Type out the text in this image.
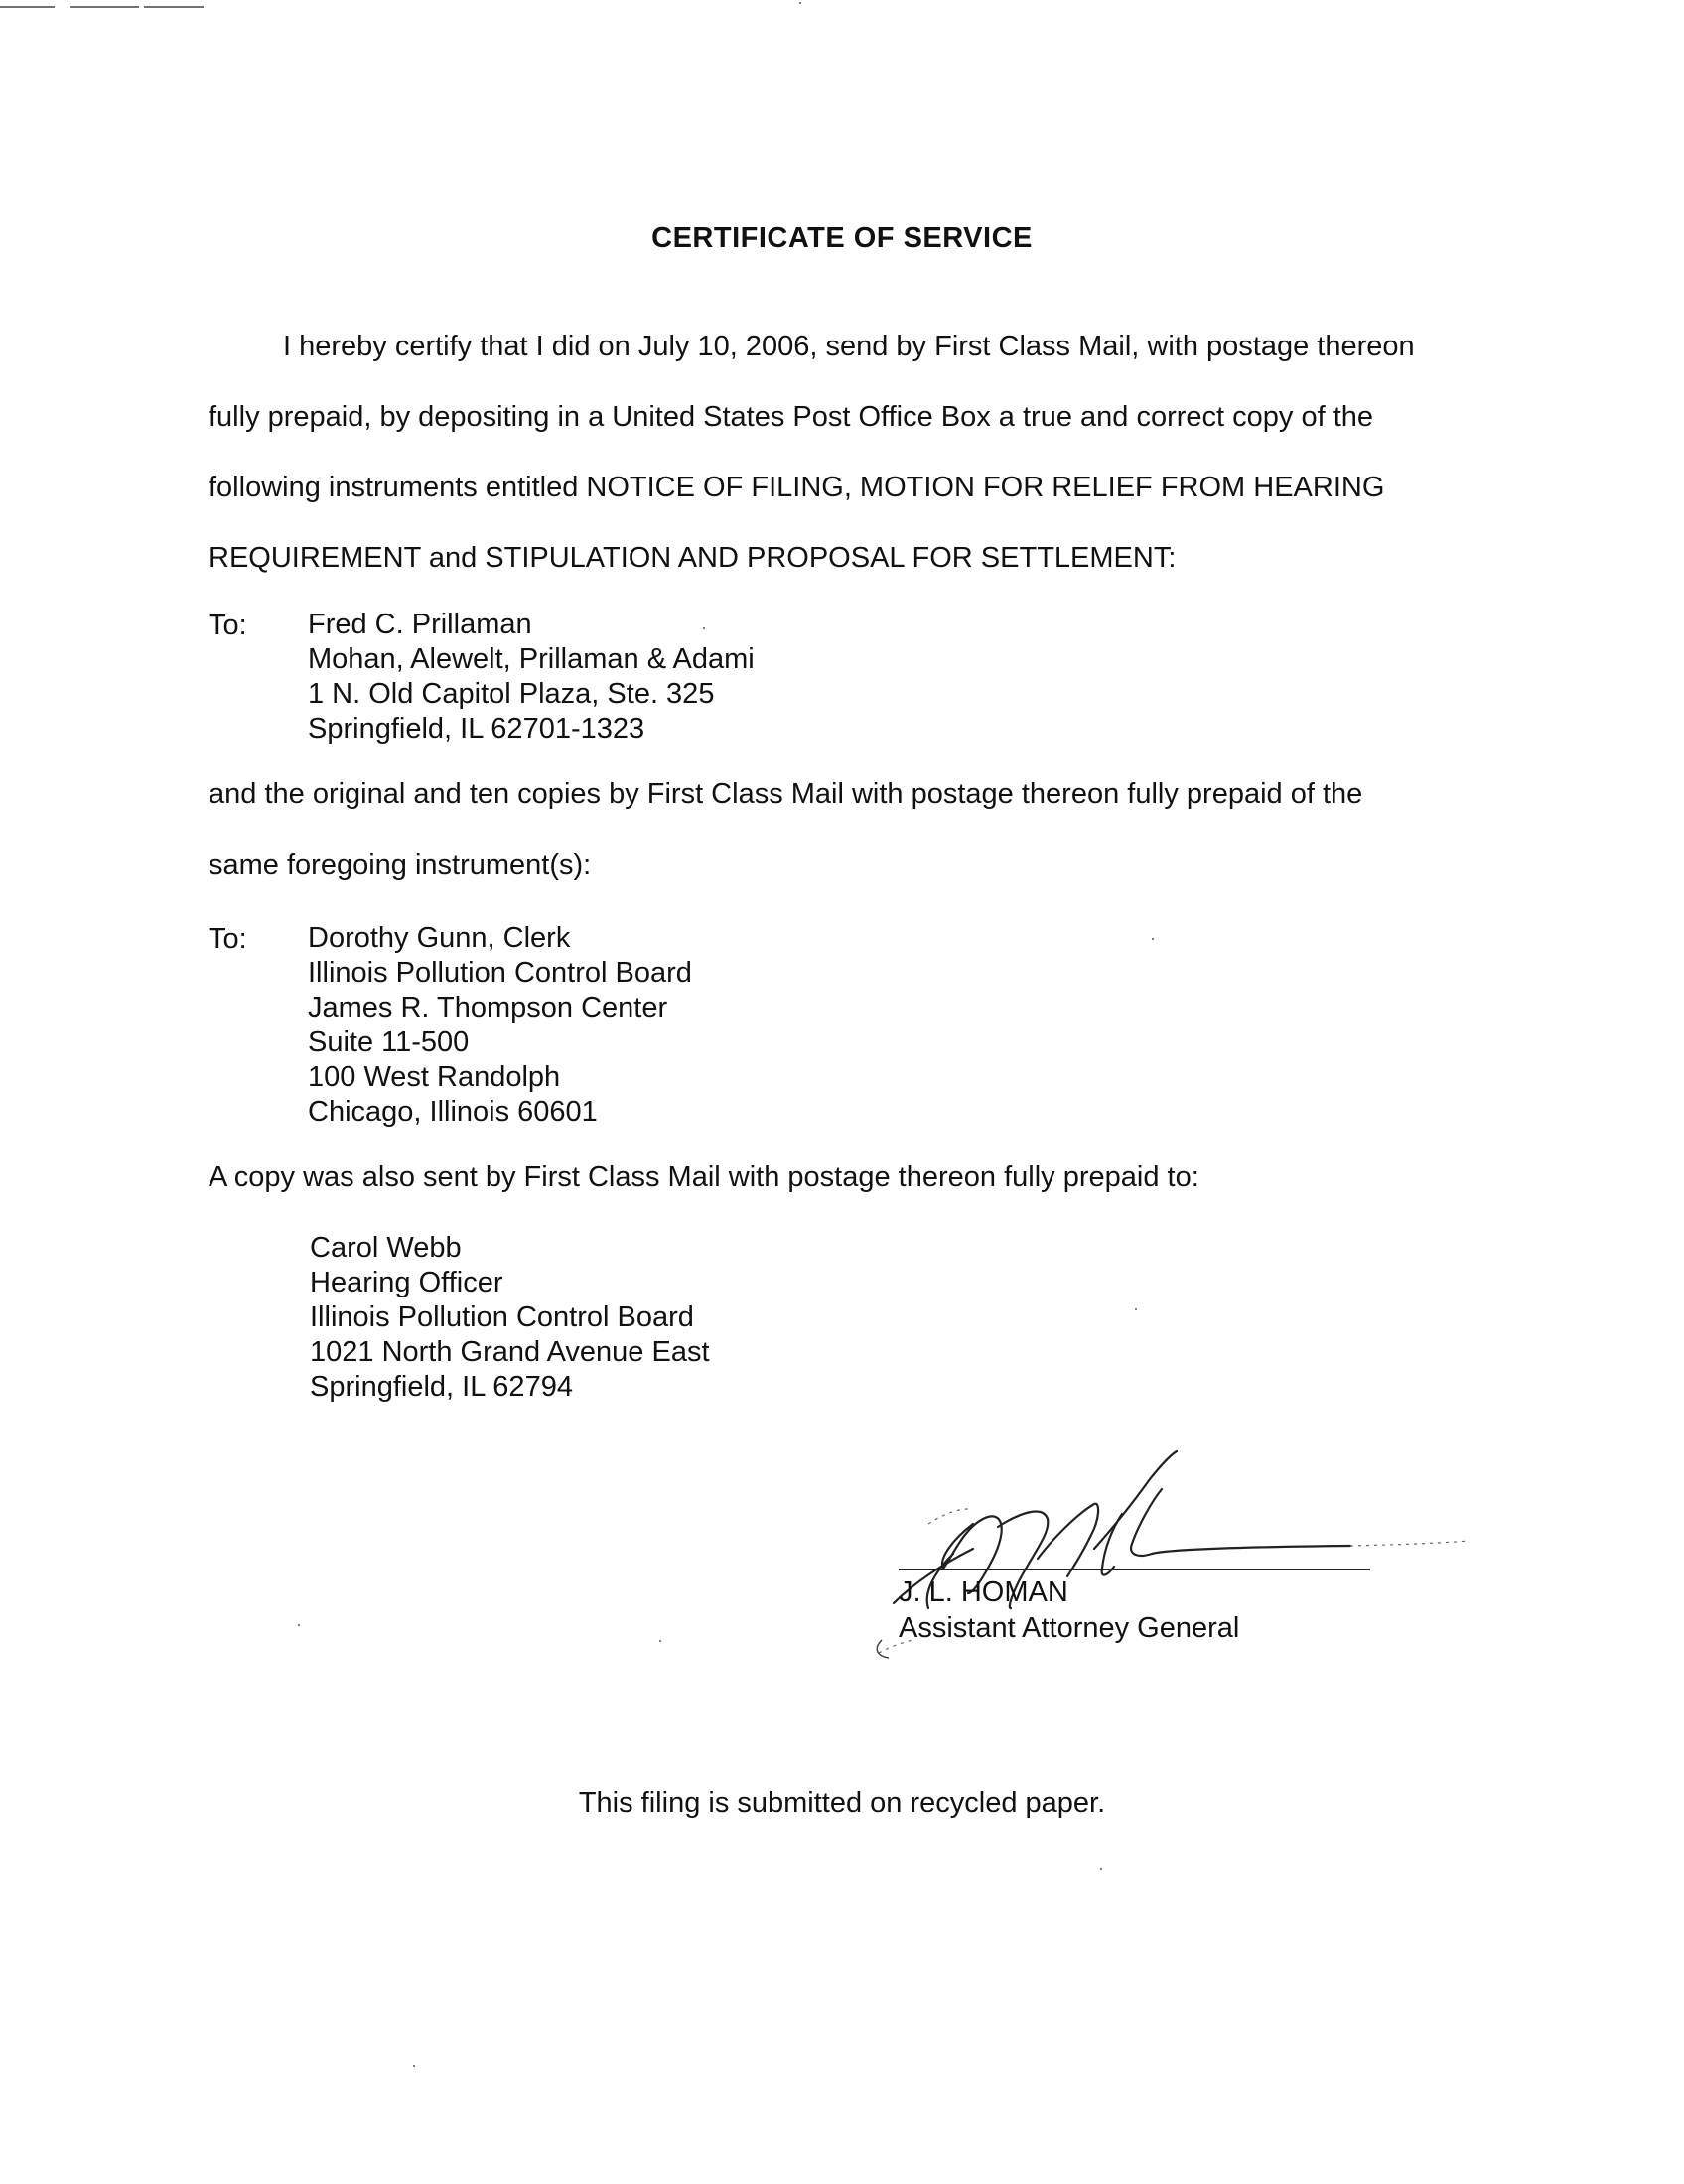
CERTIFICATE OF SERVICE
I hereby certify that I did on July 10, 2006, send by First Class Mail, with postage thereon
fully prepaid, by depositing in a United States Post Office Box a true and correct copy of the
following instruments entitled NOTICE OF FILING, MOTION FOR RELIEF FROM HEARING
REQUIREMENT and STIPULATION AND PROPOSAL FOR SETTLEMENT:
To: Fred C. Prillaman
Mohan, Alewelt, Prillaman & Adami
1 N. Old Capitol Plaza, Ste. 325
Springfield, IL 62701-1323
and the original and ten copies by First Class Mail with postage thereon fully prepaid of the
same foregoing instrument(s):
To: Dorothy Gunn, Clerk
Illinois Pollution Control Board
James R. Thompson Center
Suite 11-500
100 West Randolph
Chicago, Illinois 60601
A copy was also sent by First Class Mail with postage thereon fully prepaid to:
Carol Webb
Hearing Officer
Illinois Pollution Control Board
1021 North Grand Avenue East
Springfield, IL 62794
J. L. HOMAN
Assistant Attorney General
This filing is submitted on recycled paper.
